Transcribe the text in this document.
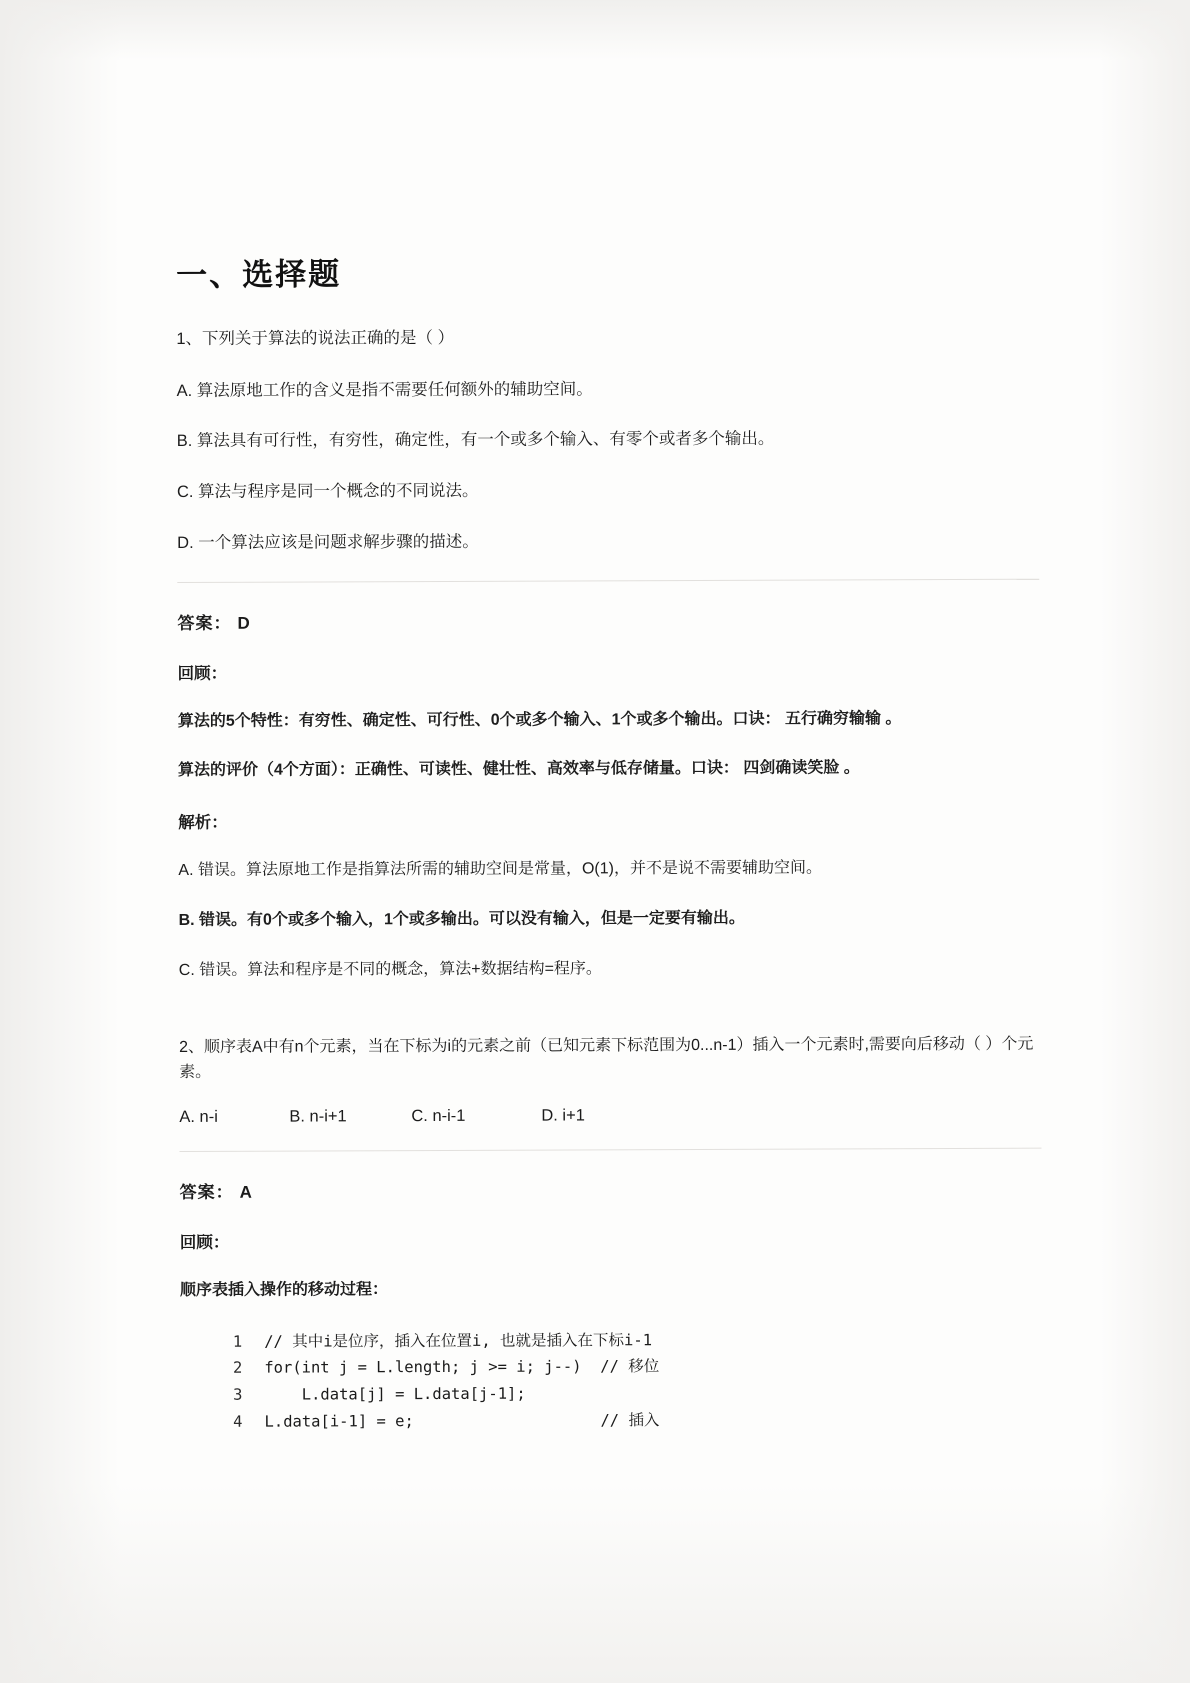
一、选择题

1、下列关于算法的说法正确的是（ ）

A. 算法原地工作的含义是指不需要任何额外的辅助空间。

B. 算法具有可行性，有穷性，确定性，有一个或多个输入、有零个或者多个输出。

C. 算法与程序是同一个概念的不同说法。

D. 一个算法应该是问题求解步骤的描述。

答案： D

回顾：

算法的5个特性：有穷性、确定性、可行性、0个或多个输入、1个或多个输出。口诀： 五行确穷输输 。

算法的评价（4个方面）：正确性、可读性、健壮性、高效率与低存储量。口诀： 四剑确读笑脸 。

解析：

A. 错误。算法原地工作是指算法所需的辅助空间是常量，O(1)，并不是说不需要辅助空间。

B. 错误。有0个或多个输入，1个或多输出。可以没有输入，但是一定要有输出。

C. 错误。算法和程序是不同的概念，算法+数据结构=程序。

2、顺序表A中有n个元素，当在下标为i的元素之前（已知元素下标范围为0...n-1）插入一个元素时,需要向后移动（ ）个元素。

A. n-i	B. n-i+1	C. n-i-1	D. i+1

答案： A

回顾：

顺序表插入操作的移动过程：

1	// 其中i是位序，插入在位置i, 也就是插入在下标i-1
2	for(int j = L.length; j >= i; j--)  // 移位
3	L.data[j] = L.data[j-1];
4	L.data[i-1] = e;                    // 插入
